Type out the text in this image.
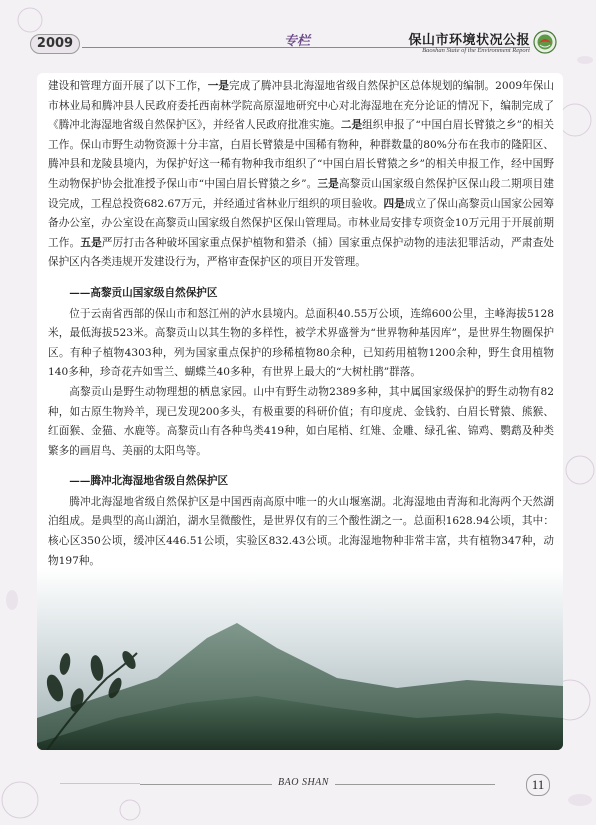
2009	专栏	保山市环境状况公报
Baoshan State of the Environment Report

建设和管理方面开展了以下工作，一是完成了腾冲县北海湿地省级自然保护区总体规划的编制。2009年保山市林业局和腾冲县人民政府委托西南林学院高原湿地研究中心对北海湿地在充分论证的情况下，编制完成了《腾冲北海湿地省级自然保护区》，并经省人民政府批准实施。二是组织申报了“中国白眉长臂猿之乡”的相关工作。保山市野生动物资源十分丰富，白眉长臂猿是中国稀有物种，种群数量的80%分布在我市的隆阳区、腾冲县和龙陵县境内，为保护好这一稀有物种我市组织了“中国白眉长臂猿之乡”的相关申报工作，经中国野生动物保护协会批准授予保山市“中国白眉长臂猿之乡”。三是高黎贡山国家级自然保护区保山段二期项目建设完成，工程总投资682.67万元，并经通过省林业厅组织的项目验收。四是成立了保山高黎贡山国家公园筹备办公室，办公室设在高黎贡山国家级自然保护区保山管理局。市林业局安排专项资金10万元用于开展前期工作。五是严厉打击各种破坏国家重点保护植物和猎杀（捕）国家重点保护动物的违法犯罪活动，严肃查处保护区内各类违规开发建设行为，严格审查保护区的项目开发管理。

——高黎贡山国家级自然保护区

位于云南省西部的保山市和怒江州的泸水县境内。总面积40.55万公顷，连绵600公里，主峰海拔5128米，最低海拔523米。高黎贡山以其生物的多样性，被学术界盛誉为“世界物种基因库”，是世界生物圈保护区。有种子植物4303种，列为国家重点保护的珍稀植物80余种，已知药用植物1200余种，野生食用植物140多种，珍奇花卉如雪兰、蝴蝶兰40多种，有世界上最大的“大树杜鹃”群落。

高黎贡山是野生动物理想的栖息家园。山中有野生动物2389多种，其中属国家级保护的野生动物有82种，如古原生物羚羊，现已发现200多头，有极重要的科研价值；有印度虎、金钱豹、白眉长臂猿、熊猴、红面猴、金猫、水鹿等。高黎贡山有各种鸟类419种，如白尾梢、红雉、金雕、绿孔雀、锦鸡、鹦鹉及种类繁多的画眉鸟、美丽的太阳鸟等。

——腾冲北海湿地省级自然保护区

腾冲北海湿地省级自然保护区是中国西南高原中唯一的火山堰塞湖。北海湿地由青海和北海两个天然湖泊组成。是典型的高山湖泊，湖水呈微酸性，是世界仅有的三个酸性湖之一。总面积1628.94公顷，其中：核心区350公顷，缓冲区446.51公顷，实验区832.43公顷。北海湿地物种非常丰富，共有植物347种，动物197种。

BAO SHAN	11
